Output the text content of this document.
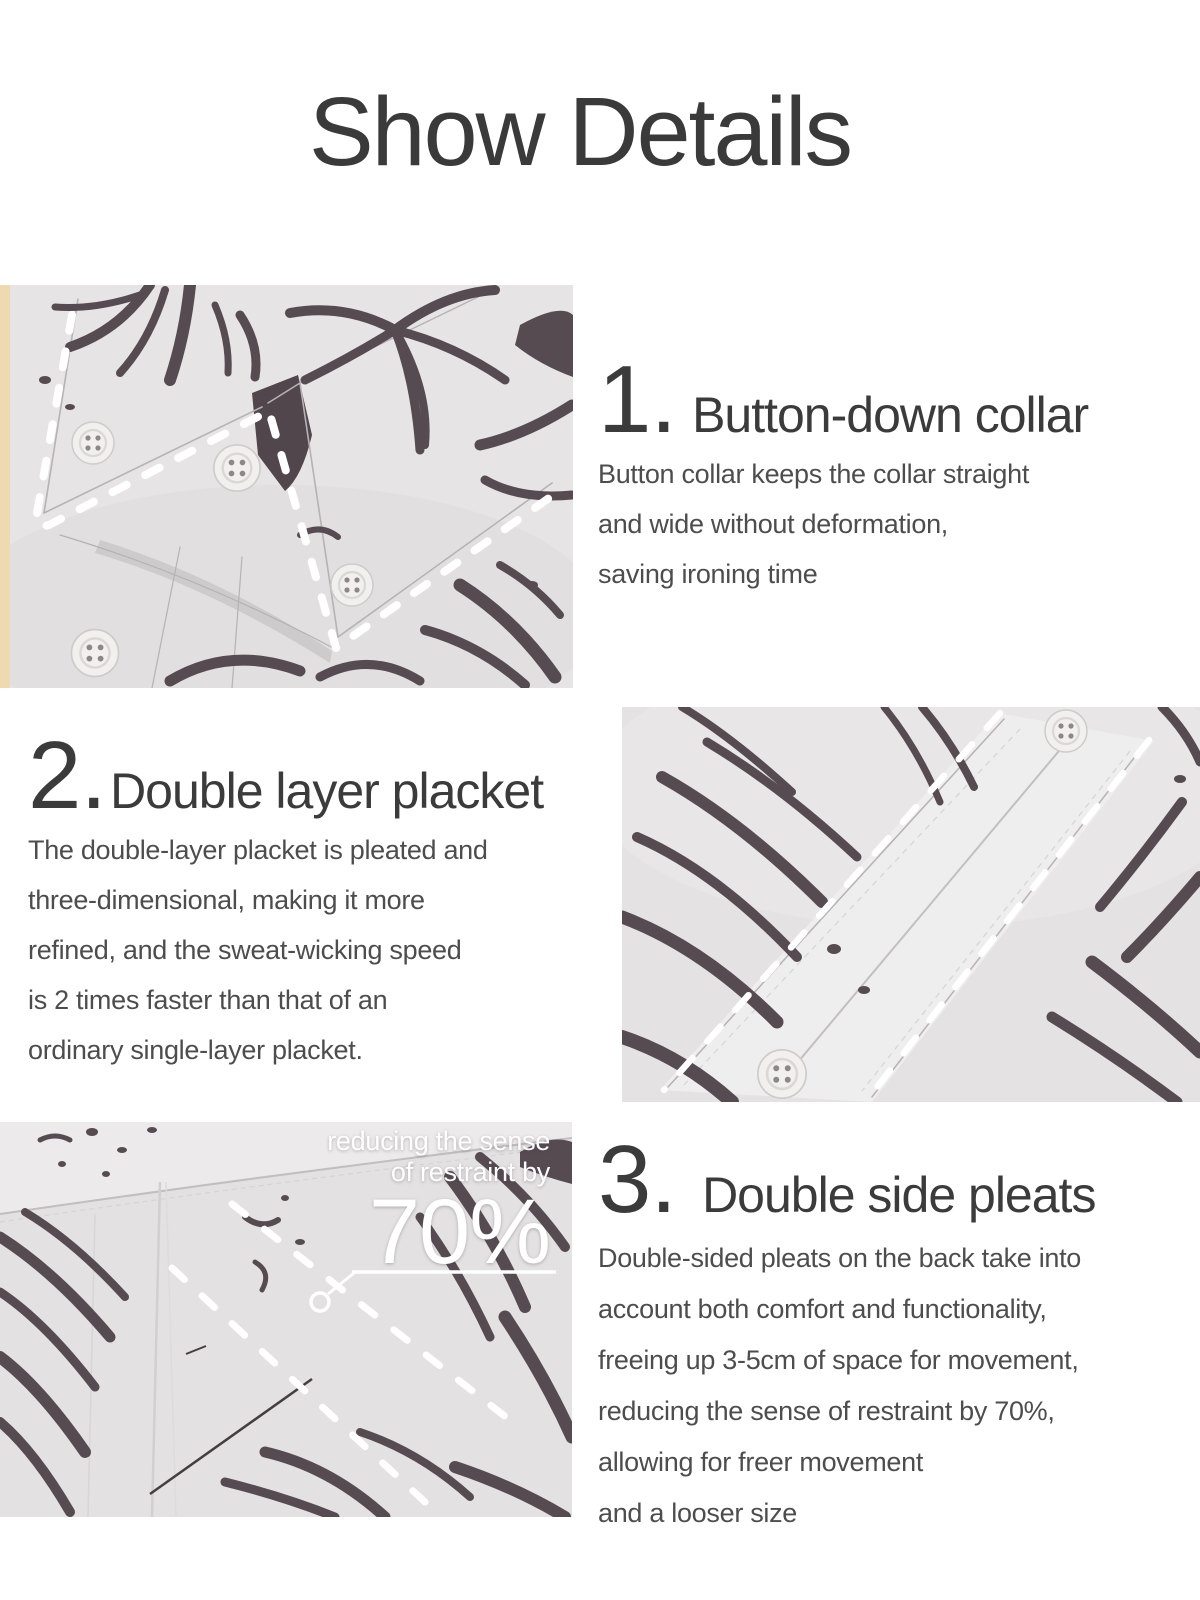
Show Details
1. Button-down collar
Button collar keeps the collar straight
and wide without deformation,
saving ironing time
2. Double layer placket
The double-layer placket is pleated and
three-dimensional, making it more
refined, and the sweat-wicking speed
is 2 times faster than that of an
ordinary single-layer placket.
reducing the sense
of restraint by
70% 3. Double side pleats
Double-sided pleats on the back take into
account both comfort and functionality,
freeing up 3-5cm of space for movement,
reducing the sense of restraint by 70%,
allowing for freer movement
and a looser size
